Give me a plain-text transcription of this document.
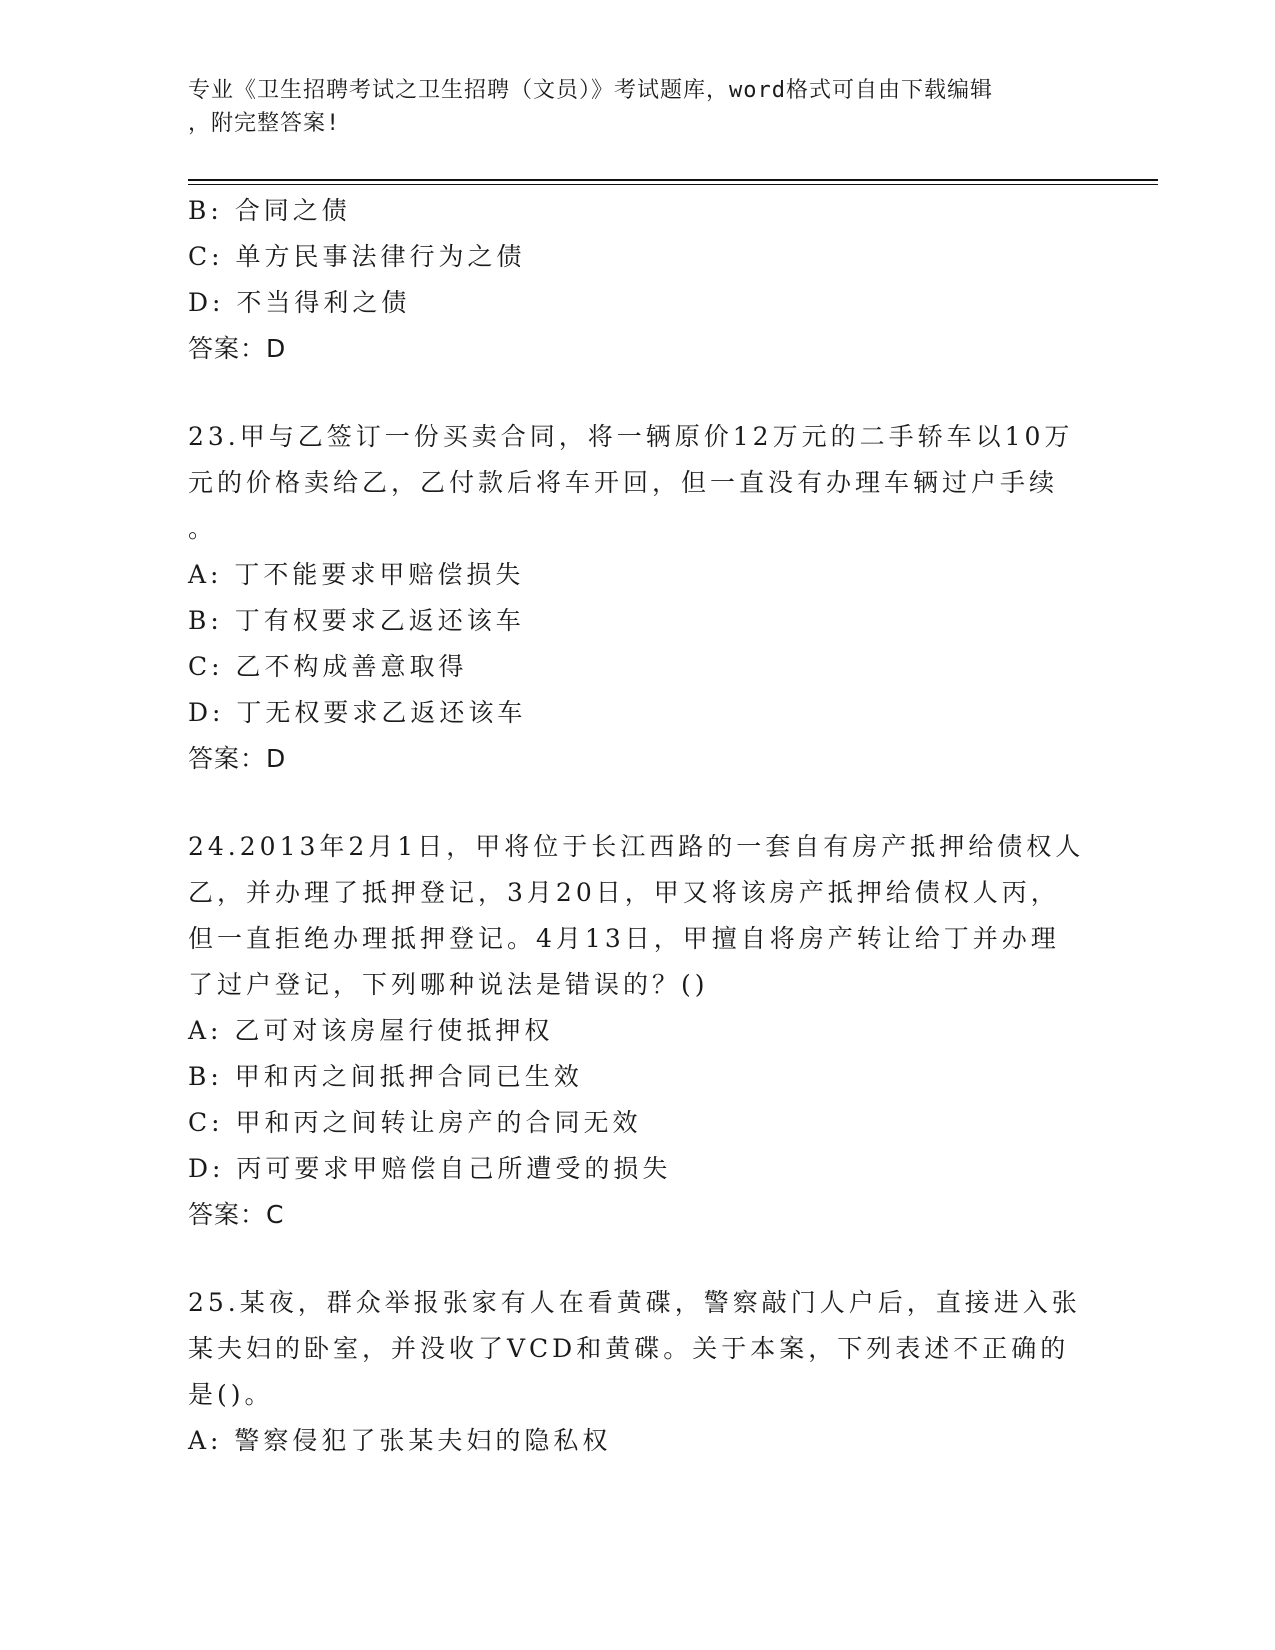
专业《卫生招聘考试之卫生招聘（文员）》考试题库，word格式可自由下载编辑
，附完整答案!
B: 合同之债
C: 单方民事法律行为之债
D: 不当得利之债
答案：D
23.甲与乙签订一份买卖合同，将一辆原价12万元的二手轿车以10万
元的价格卖给乙，乙付款后将车开回，但一直没有办理车辆过户手续
。
A: 丁不能要求甲赔偿损失
B: 丁有权要求乙返还该车
C: 乙不构成善意取得
D: 丁无权要求乙返还该车
答案：D
24.2013年2月1日，甲将位于长江西路的一套自有房产抵押给债权人
乙，并办理了抵押登记，3月20日，甲又将该房产抵押给债权人丙，
但一直拒绝办理抵押登记。4月13日，甲擅自将房产转让给丁并办理
了过户登记，下列哪种说法是错误的？()
A: 乙可对该房屋行使抵押权
B: 甲和丙之间抵押合同已生效
C: 甲和丙之间转让房产的合同无效
D: 丙可要求甲赔偿自己所遭受的损失
答案：C
25.某夜，群众举报张家有人在看黄碟，警察敲门人户后，直接进入张
某夫妇的卧室，并没收了VCD和黄碟。关于本案，下列表述不正确的
是()。
A: 警察侵犯了张某夫妇的隐私权
